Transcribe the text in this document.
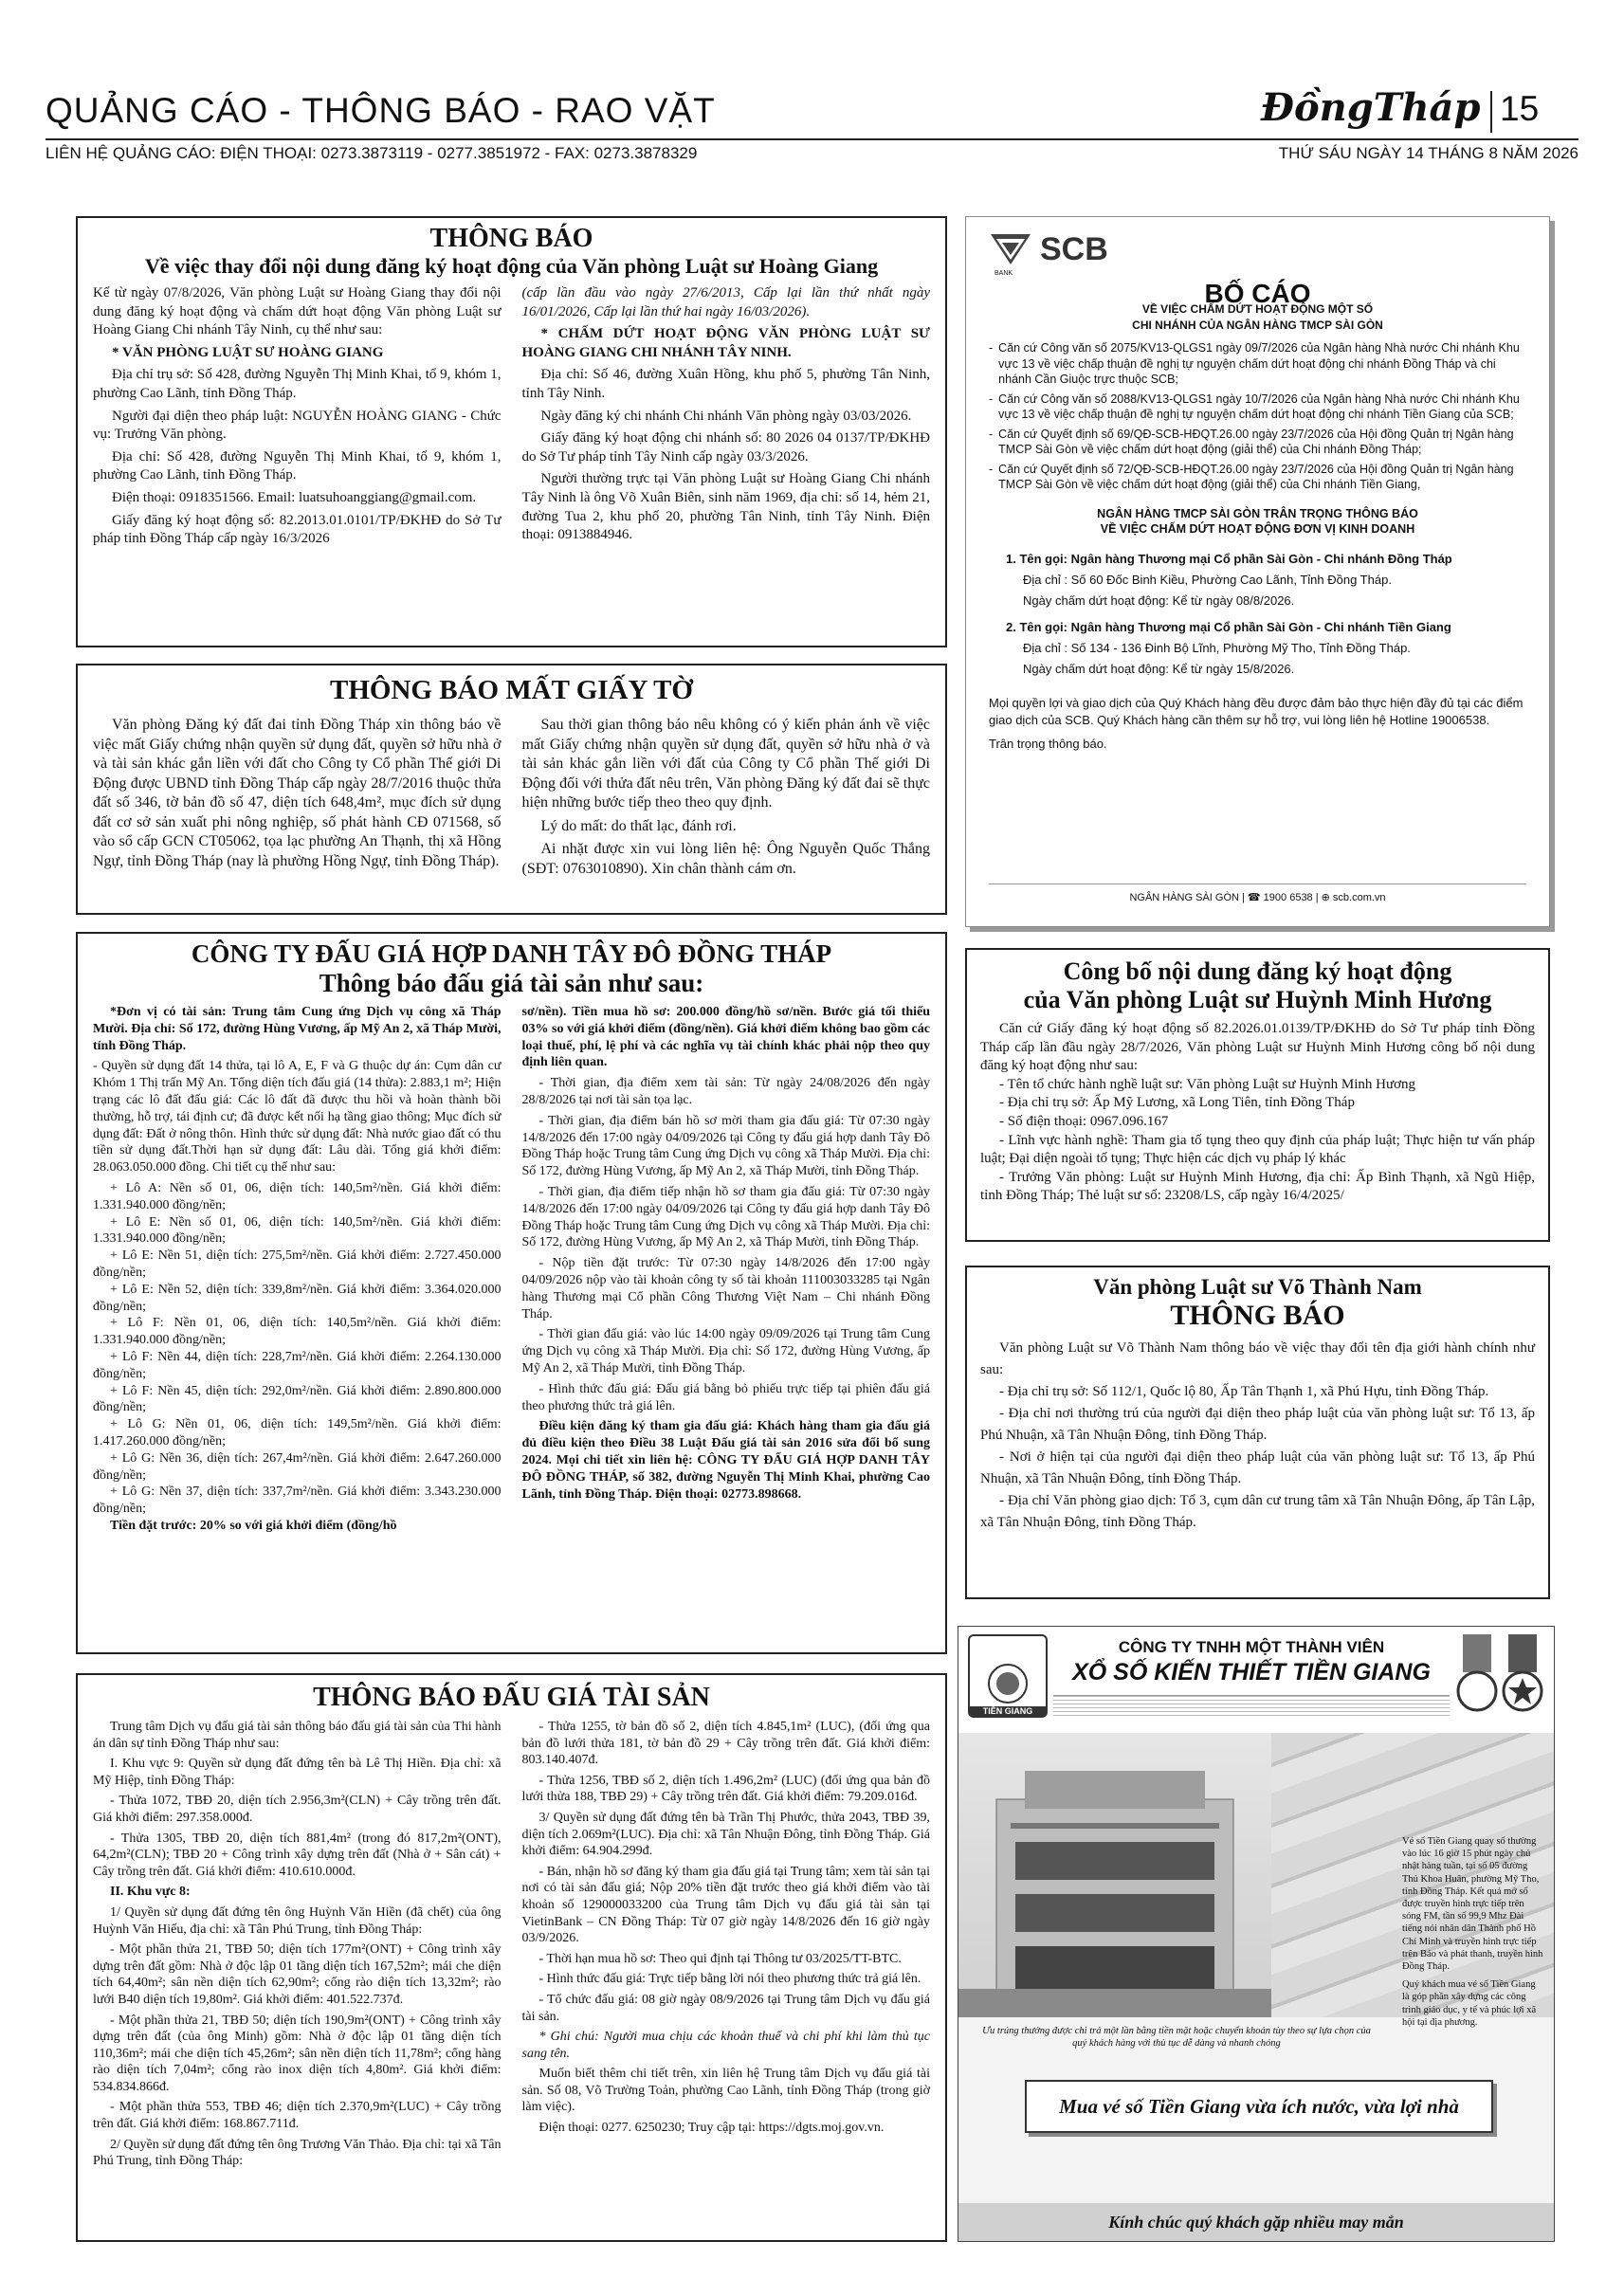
QUẢNG CÁO - THÔNG BÁO - RAO VẶT	ĐồngTháp 15
LIÊN HỆ QUẢNG CÁO: ĐIỆN THOẠI: 0273.3873119 - 0277.3851972 - FAX: 0273.3878329	THỨ SÁU NGÀY 14 THÁNG 8 NĂM 2026
THÔNG BÁO
Về việc thay đổi nội dung đăng ký hoạt động của Văn phòng Luật sư Hoàng Giang

Kể từ ngày 07/8/2026, Văn phòng Luật sư Hoàng Giang thay đổi nội dung đăng ký hoạt động và chấm dứt hoạt động Văn phòng Luật sư Hoàng Giang Chi nhánh Tây Ninh, cụ thể như sau:

* VĂN PHÒNG LUẬT SƯ HOÀNG GIANG

Địa chỉ trụ sở: Số 428, đường Nguyễn Thị Minh Khai, tổ 9, khóm 1, phường Cao Lãnh, tỉnh Đồng Tháp.

Người đại diện theo pháp luật: NGUYỄN HOÀNG GIANG - Chức vụ: Trưởng Văn phòng.

Địa chỉ: Số 428, đường Nguyễn Thị Minh Khai, tổ 9, khóm 1, phường Cao Lãnh, tỉnh Đồng Tháp.

Điện thoại: 0918351566. Email: luatsuhoanggiang@gmail.com.

Giấy đăng ký hoạt động số: 82.2013.01.0101/TP/ĐKHĐ do Sở Tư pháp tỉnh Đồng Tháp cấp ngày 16/3/2026

(cấp lần đầu vào ngày 27/6/2013, Cấp lại lần thứ nhất ngày 16/01/2026, Cấp lại lần thứ hai ngày 16/03/2026).

* CHẤM DỨT HOẠT ĐỘNG VĂN PHÒNG LUẬT SƯ HOÀNG GIANG CHI NHÁNH TÂY NINH.

Địa chỉ: Số 46, đường Xuân Hồng, khu phố 5, phường Tân Ninh, tỉnh Tây Ninh.

Ngày đăng ký chi nhánh Chi nhánh Văn phòng ngày 03/03/2026.

Giấy đăng ký hoạt động chi nhánh số: 80 2026 04 0137/TP/ĐKHĐ do Sở Tư pháp tỉnh Tây Ninh cấp ngày 03/3/2026.

Người thường trực tại Văn phòng Luật sư Hoàng Giang Chi nhánh Tây Ninh là ông Võ Xuân Biên, sinh năm 1969, địa chỉ: số 14, hẻm 21, đường Tua 2, khu phố 20, phường Tân Ninh, tỉnh Tây Ninh. Điện thoại: 0913884946.

THÔNG BÁO MẤT GIẤY TỜ

Văn phòng Đăng ký đất đai tỉnh Đồng Tháp xin thông báo về việc mất Giấy chứng nhận quyền sử dụng đất, quyền sở hữu nhà ở và tài sản khác gắn liền với đất cho Công ty Cổ phần Thế giới Di Động được UBND tỉnh Đồng Tháp cấp ngày 28/7/2016 thuộc thửa đất số 346, tờ bản đồ số 47, diện tích 648,4m², mục đích sử dụng đất cơ sở sản xuất phi nông nghiệp, số phát hành CĐ 071568, số vào sổ cấp GCN CT05062, tọa lạc phường An Thạnh, thị xã Hồng Ngự, tỉnh Đồng Tháp (nay là phường Hồng Ngự, tỉnh Đồng Tháp).

Sau thời gian thông báo nêu không có ý kiến phản ánh về việc mất Giấy chứng nhận quyền sử dụng đất, quyền sở hữu nhà ở và tài sản khác gắn liền với đất của Công ty Cổ phần Thế giới Di Động đối với thửa đất nêu trên, Văn phòng Đăng ký đất đai sẽ thực hiện những bước tiếp theo theo quy định.

Lý do mất: do thất lạc, đánh rơi.

Ai nhặt được xin vui lòng liên hệ: Ông Nguyễn Quốc Thắng (SĐT: 0763010890). Xin chân thành cám ơn.

CÔNG TY ĐẤU GIÁ HỢP DANH TÂY ĐÔ ĐỒNG THÁP
Thông báo đấu giá tài sản như sau:

*Đơn vị có tài sản: Trung tâm Cung ứng Dịch vụ công xã Tháp Mười. Địa chỉ: Số 172, đường Hùng Vương, ấp Mỹ An 2, xã Tháp Mười, tỉnh Đồng Tháp.

- Quyền sử dụng đất 14 thửa, tại lô A, E, F và G thuộc dự án: Cụm dân cư Khóm 1 Thị trấn Mỹ An. Tổng diện tích đấu giá (14 thửa): 2.883,1 m²; Hiện trạng các lô đất đấu giá: Các lô đất đã được thu hồi và hoàn thành bồi thường, hỗ trợ, tái định cư; đã được kết nối hạ tầng giao thông; Mục đích sử dụng đất: Đất ở nông thôn. Hình thức sử dụng đất: Nhà nước giao đất có thu tiền sử dụng đất.Thời hạn sử dụng đất: Lâu dài. Tổng giá khởi điểm: 28.063.050.000 đồng. Chi tiết cụ thể như sau:

+ Lô A: Nền số 01, 06, diện tích: 140,5m²/nền. Giá khởi điểm: 1.331.940.000 đồng/nền;

+ Lô E: Nền số 01, 06, diện tích: 140,5m²/nền. Giá khởi điểm: 1.331.940.000 đồng/nền;

+ Lô E: Nền 51, diện tích: 275,5m²/nền. Giá khởi điểm: 2.727.450.000 đồng/nền;

+ Lô E: Nền 52, diện tích: 339,8m²/nền. Giá khởi điểm: 3.364.020.000 đồng/nền;

+ Lô F: Nền 01, 06, diện tích: 140,5m²/nền. Giá khởi điểm: 1.331.940.000 đồng/nền;

+ Lô F: Nền 44, diện tích: 228,7m²/nền. Giá khởi điểm: 2.264.130.000 đồng/nền;

+ Lô F: Nền 45, diện tích: 292,0m²/nền. Giá khởi điểm: 2.890.800.000 đồng/nền;

+ Lô G: Nền 01, 06, diện tích: 149,5m²/nền. Giá khởi điểm: 1.417.260.000 đồng/nền;

+ Lô G: Nền 36, diện tích: 267,4m²/nền. Giá khởi điểm: 2.647.260.000 đồng/nền;

+ Lô G: Nền 37, diện tích: 337,7m²/nền. Giá khởi điểm: 3.343.230.000 đồng/nền;

Tiền đặt trước: 20% so với giá khởi điểm (đồng/hồ

sơ/nền). Tiền mua hồ sơ: 200.000 đồng/hồ sơ/nền. Bước giá tối thiểu 03% so với giá khởi điểm (đồng/nền). Giá khởi điểm không bao gồm các loại thuế, phí, lệ phí và các nghĩa vụ tài chính khác phải nộp theo quy định liên quan.

- Thời gian, địa điểm xem tài sản: Từ ngày 24/08/2026 đến ngày 28/8/2026 tại nơi tài sản tọa lạc.

- Thời gian, địa điểm bán hồ sơ mời tham gia đấu giá: Từ 07:30 ngày 14/8/2026 đến 17:00 ngày 04/09/2026 tại Công ty đấu giá hợp danh Tây Đô Đồng Tháp hoặc Trung tâm Cung ứng Dịch vụ công xã Tháp Mười. Địa chỉ: Số 172, đường Hùng Vương, ấp Mỹ An 2, xã Tháp Mười, tỉnh Đồng Tháp.

- Thời gian, địa điểm tiếp nhận hồ sơ tham gia đấu giá: Từ 07:30 ngày 14/8/2026 đến 17:00 ngày 04/09/2026 tại Công ty đấu giá hợp danh Tây Đô Đồng Tháp hoặc Trung tâm Cung ứng Dịch vụ công xã Tháp Mười. Địa chỉ: Số 172, đường Hùng Vương, ấp Mỹ An 2, xã Tháp Mười, tỉnh Đồng Tháp.

- Nộp tiền đặt trước: Từ 07:30 ngày 14/8/2026 đến 17:00 ngày 04/09/2026 nộp vào tài khoản công ty số tài khoản 111003033285 tại Ngân hàng Thương mại Cổ phần Công Thương Việt Nam – Chi nhánh Đồng Tháp.

- Thời gian đấu giá: vào lúc 14:00 ngày 09/09/2026 tại Trung tâm Cung ứng Dịch vụ công xã Tháp Mười. Địa chỉ: Số 172, đường Hùng Vương, ấp Mỹ An 2, xã Tháp Mười, tỉnh Đồng Tháp.

- Hình thức đấu giá: Đấu giá bằng bỏ phiếu trực tiếp tại phiên đấu giá theo phương thức trả giá lên.

Điều kiện đăng ký tham gia đấu giá: Khách hàng tham gia đấu giá đủ điều kiện theo Điều 38 Luật Đấu giá tài sản 2016 sửa đổi bổ sung 2024. Mọi chi tiết xin liên hệ: CÔNG TY ĐẤU GIÁ HỢP DANH TÂY ĐÔ ĐỒNG THÁP, số 382, đường Nguyễn Thị Minh Khai, phường Cao Lãnh, tỉnh Đồng Tháp. Điện thoại: 02773.898668.

THÔNG BÁO ĐẤU GIÁ TÀI SẢN

Trung tâm Dịch vụ đấu giá tài sản thông báo đấu giá tài sản của Thi hành án dân sự tỉnh Đồng Tháp như sau:

I. Khu vực 9: Quyền sử dụng đất đứng tên bà Lê Thị Hiền. Địa chỉ: xã Mỹ Hiệp, tỉnh Đồng Tháp:

- Thửa 1072, TBĐ 20, diện tích 2.956,3m²(CLN) + Cây trồng trên đất. Giá khởi điểm: 297.358.000đ.

- Thửa 1305, TBĐ 20, diện tích 881,4m² (trong đó 817,2m²(ONT), 64,2m²(CLN); TBĐ 20 + Công trình xây dựng trên đất (Nhà ở + Sân cát) + Cây trồng trên đất. Giá khởi điểm: 410.610.000đ.

II. Khu vực 8:

1/ Quyền sử dụng đất đứng tên ông Huỳnh Văn Hiền (đã chết) của ông Huỳnh Văn Hiếu, địa chỉ: xã Tân Phú Trung, tỉnh Đồng Tháp:

- Một phần thửa 21, TBĐ 50; diện tích 177m²(ONT) + Công trình xây dựng trên đất gồm: Nhà ở độc lập 01 tầng diện tích 167,52m²; mái che diện tích 64,40m²; sân nền diện tích 62,90m²; cổng rào diện tích 13,32m²; rào lưới B40 diện tích 19,80m². Giá khởi điểm: 401.522.737đ.

- Một phần thửa 21, TBĐ 50; diện tích 190,9m²(ONT) + Công trình xây dựng trên đất (của ông Minh) gồm: Nhà ở độc lập 01 tầng diện tích 110,36m²; mái che diện tích 45,26m²; sân nền diện tích 11,78m²; cổng hàng rào diện tích 7,04m²; cổng rào inox diện tích 4,80m². Giá khởi điểm: 534.834.866đ.

- Một phần thửa 553, TBĐ 46; diện tích 2.370,9m²(LUC) + Cây trồng trên đất. Giá khởi điểm: 168.867.711đ.

2/ Quyền sử dụng đất đứng tên ông Trương Văn Thảo. Địa chỉ: tại xã Tân Phú Trung, tỉnh Đồng Tháp:

- Thửa 1255, tờ bản đồ số 2, diện tích 4.845,1m² (LUC), (đối ứng qua bản đồ lưới thửa 181, tờ bản đồ 29 + Cây trồng trên đất. Giá khởi điểm: 803.140.407đ.

- Thửa 1256, TBĐ số 2, diện tích 1.496,2m² (LUC) (đối ứng qua bản đồ lưới thửa 188, TBĐ 29) + Cây trồng trên đất. Giá khởi điểm: 79.209.016đ.

3/ Quyền sử dụng đất đứng tên bà Trần Thị Phước, thửa 2043, TBĐ 39, diện tích 2.069m²(LUC). Địa chỉ: xã Tân Nhuận Đông, tỉnh Đồng Tháp. Giá khởi điểm: 64.904.299đ.

- Bán, nhận hồ sơ đăng ký tham gia đấu giá tại Trung tâm; xem tài sản tại nơi có tài sản đấu giá; Nộp 20% tiền đặt trước theo giá khởi điểm vào tài khoản số 129000033200 của Trung tâm Dịch vụ đấu giá tài sản tại VietinBank – CN Đồng Tháp: Từ 07 giờ ngày 14/8/2026 đến 16 giờ ngày 03/9/2026.

- Thời hạn mua hồ sơ: Theo qui định tại Thông tư 03/2025/TT-BTC.

- Hình thức đấu giá: Trực tiếp bằng lời nói theo phương thức trả giá lên.

- Tổ chức đấu giá: 08 giờ ngày 08/9/2026 tại Trung tâm Dịch vụ đấu giá tài sản.

* Ghi chú: Người mua chịu các khoản thuế và chi phí khi làm thủ tục sang tên.

Muốn biết thêm chi tiết trên, xin liên hệ Trung tâm Dịch vụ đấu giá tài sản. Số 08, Võ Trường Toản, phường Cao Lãnh, tỉnh Đồng Tháp (trong giờ làm việc).

Điện thoại: 0277. 6250230; Truy cập tại: https://dgts.moj.gov.vn.

SCB
BANK
BỐ CÁO
VỀ VIỆC CHẤM DỨT HOẠT ĐỘNG MỘT SỐ
CHI NHÁNH CỦA NGÂN HÀNG TMCP SÀI GÒN

- Căn cứ Công văn số 2075/KV13-QLGS1 ngày 09/7/2026 của Ngân hàng Nhà nước Chi nhánh Khu vực 13 về việc chấp thuận đề nghị tự nguyện chấm dứt hoạt động chi nhánh Đồng Tháp và chi nhánh Cần Giuộc trực thuộc SCB;

- Căn cứ Công văn số 2088/KV13-QLGS1 ngày 10/7/2026 của Ngân hàng Nhà nước Chi nhánh Khu vực 13 về việc chấp thuận đề nghị tự nguyện chấm dứt hoạt động chi nhánh Tiền Giang của SCB;

- Căn cứ Quyết định số 69/QĐ-SCB-HĐQT.26.00 ngày 23/7/2026 của Hội đồng Quản trị Ngân hàng TMCP Sài Gòn về việc chấm dứt hoạt động (giải thể) của Chi nhánh Đồng Tháp;

- Căn cứ Quyết định số 72/QĐ-SCB-HĐQT.26.00 ngày 23/7/2026 của Hội đồng Quản trị Ngân hàng TMCP Sài Gòn về việc chấm dứt hoạt động (giải thể) của Chi nhánh Tiền Giang,

NGÂN HÀNG TMCP SÀI GÒN TRÂN TRỌNG THÔNG BÁO
VỀ VIỆC CHẤM DỨT HOẠT ĐỘNG ĐƠN VỊ KINH DOANH
1. Tên gọi: Ngân hàng Thương mại Cổ phần Sài Gòn - Chi nhánh Đồng Tháp
Địa chỉ : Số 60 Đốc Binh Kiều, Phường Cao Lãnh, Tỉnh Đồng Tháp.
Ngày chấm dứt hoạt động: Kể từ ngày 08/8/2026.
2. Tên gọi: Ngân hàng Thương mại Cổ phần Sài Gòn - Chi nhánh Tiền Giang
Địa chỉ : Số 134 - 136 Đinh Bộ Lĩnh, Phường Mỹ Tho, Tỉnh Đồng Tháp.
Ngày chấm dứt hoạt động: Kể từ ngày 15/8/2026.

Mọi quyền lợi và giao dịch của Quý Khách hàng đều được đảm bảo thực hiện đầy đủ tại các điểm giao dịch của SCB. Quý Khách hàng cần thêm sự hỗ trợ, vui lòng liên hệ Hotline 19006538.

Trân trọng thông báo.

NGÂN HÀNG SÀI GÒN | ☎ 1900 6538 | ⊕ scb.com.vn
Công bố nội dung đăng ký hoạt động
của Văn phòng Luật sư Huỳnh Minh Hương

Căn cứ Giấy đăng ký hoạt động số 82.2026.01.0139/TP/ĐKHĐ do Sở Tư pháp tỉnh Đồng Tháp cấp lần đầu ngày 28/7/2026, Văn phòng Luật sư Huỳnh Minh Hương công bố nội dung đăng ký hoạt động như sau:

- Tên tổ chức hành nghề luật sư: Văn phòng Luật sư Huỳnh Minh Hương

- Địa chỉ trụ sở: Ấp Mỹ Lương, xã Long Tiên, tỉnh Đồng Tháp

- Số điện thoại: 0967.096.167

- Lĩnh vực hành nghề: Tham gia tố tụng theo quy định của pháp luật; Thực hiện tư vấn pháp luật; Đại diện ngoài tố tụng; Thực hiện các dịch vụ pháp lý khác

- Trưởng Văn phòng: Luật sư Huỳnh Minh Hương, địa chỉ: Ấp Bình Thạnh, xã Ngũ Hiệp, tỉnh Đồng Tháp; Thẻ luật sư số: 23208/LS, cấp ngày 16/4/2025/

Văn phòng Luật sư Võ Thành Nam
THÔNG BÁO

Văn phòng Luật sư Võ Thành Nam thông báo về việc thay đổi tên địa giới hành chính như sau:

- Địa chỉ trụ sở: Số 112/1, Quốc lộ 80, Ấp Tân Thạnh 1, xã Phú Hựu, tỉnh Đồng Tháp.

- Địa chỉ nơi thường trú của người đại diện theo pháp luật của văn phòng luật sư: Tổ 13, ấp Phú Nhuận, xã Tân Nhuận Đông, tỉnh Đồng Tháp.

- Nơi ở hiện tại của người đại diện theo pháp luật của văn phòng luật sư: Tổ 13, ấp Phú Nhuận, xã Tân Nhuận Đông, tỉnh Đồng Tháp.

- Địa chỉ Văn phòng giao dịch: Tổ 3, cụm dân cư trung tâm xã Tân Nhuận Đông, ấp Tân Lập, xã Tân Nhuận Đông, tỉnh Đồng Tháp.

TIỀN GIANG
CÔNG TY TNHH MỘT THÀNH VIÊN
XỔ SỐ KIẾN THIẾT TIỀN GIANG

Vé số Tiền Giang quay số thường vào lúc 16 giờ 15 phút ngày chủ nhật hàng tuần, tại số 05 đường Thủ Khoa Huân, phường Mỹ Tho, tỉnh Đồng Tháp. Kết quả mở số được truyền hình trực tiếp trên sóng FM, tần số 99,9 Mhz Đài tiếng nói nhân dân Thành phố Hồ Chí Minh và truyền hình trực tiếp trên Báo và phát thanh, truyền hình Đồng Tháp.

Quý khách mua vé số Tiền Giang là góp phần xây dựng các công trình giáo dục, y tế và phúc lợi xã hội tại địa phương.

Ưu trúng thưởng được chi trả một lần bằng tiền mặt hoặc chuyển khoản tùy theo sự lựa chọn của quý khách hàng với thủ tục dễ dàng và nhanh chóng
Mua vé số Tiền Giang vừa ích nước, vừa lợi nhà
Kính chúc quý khách gặp nhiều may mắn
